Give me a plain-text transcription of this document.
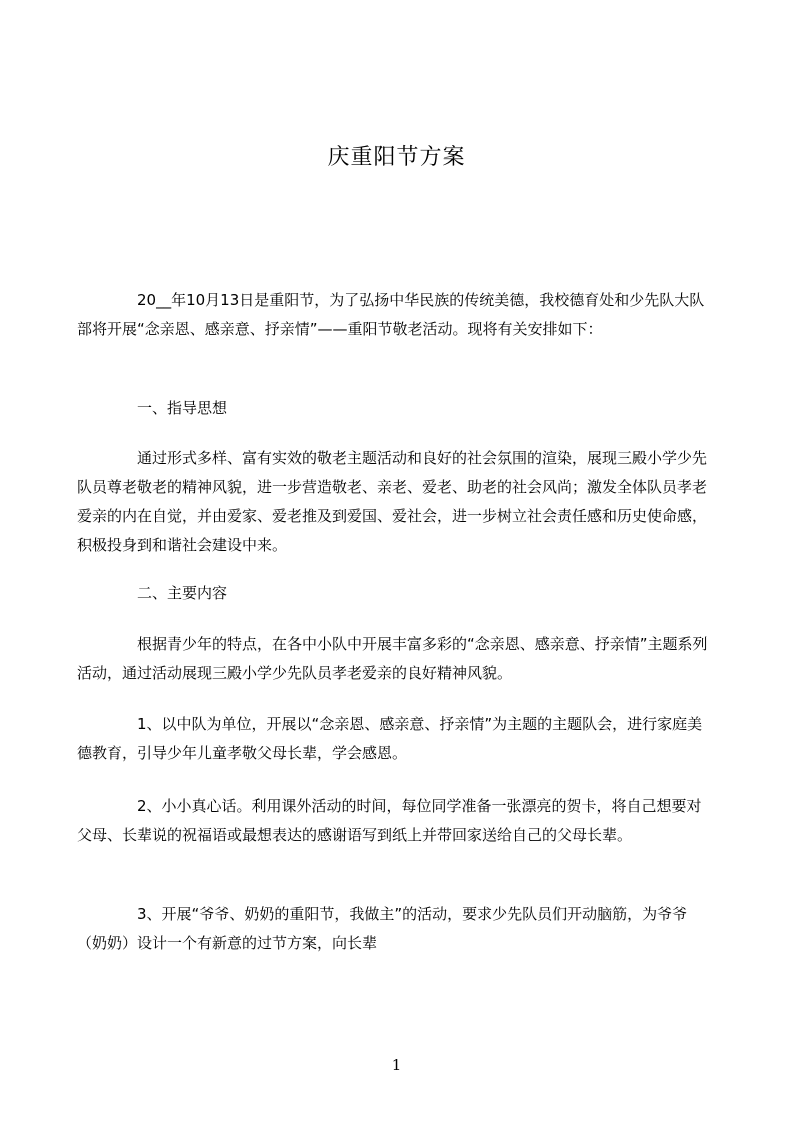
庆重阳节方案

20__年10月13日是重阳节，为了弘扬中华民族的传统美德，我校德育处和少先队大队部将开展“念亲恩、感亲意、抒亲情”——重阳节敬老活动。现将有关安排如下：

一、指导思想

通过形式多样、富有实效的敬老主题活动和良好的社会氛围的渲染，展现三殿小学少先队员尊老敬老的精神风貌，进一步营造敬老、亲老、爱老、助老的社会风尚；激发全体队员孝老爱亲的内在自觉，并由爱家、爱老推及到爱国、爱社会，进一步树立社会责任感和历史使命感，积极投身到和谐社会建设中来。

二、主要内容

根据青少年的特点，在各中小队中开展丰富多彩的“念亲恩、感亲意、抒亲情”主题系列活动，通过活动展现三殿小学少先队员孝老爱亲的良好精神风貌。

1、以中队为单位，开展以“念亲恩、感亲意、抒亲情”为主题的主题队会，进行家庭美德教育，引导少年儿童孝敬父母长辈，学会感恩。

2、小小真心话。利用课外活动的时间，每位同学准备一张漂亮的贺卡，将自己想要对父母、长辈说的祝福语或最想表达的感谢语写到纸上并带回家送给自己的父母长辈。

3、开展“爷爷、奶奶的重阳节，我做主”的活动，要求少先队员们开动脑筋，为爷爷（奶奶）设计一个有新意的过节方案，向长辈

1
